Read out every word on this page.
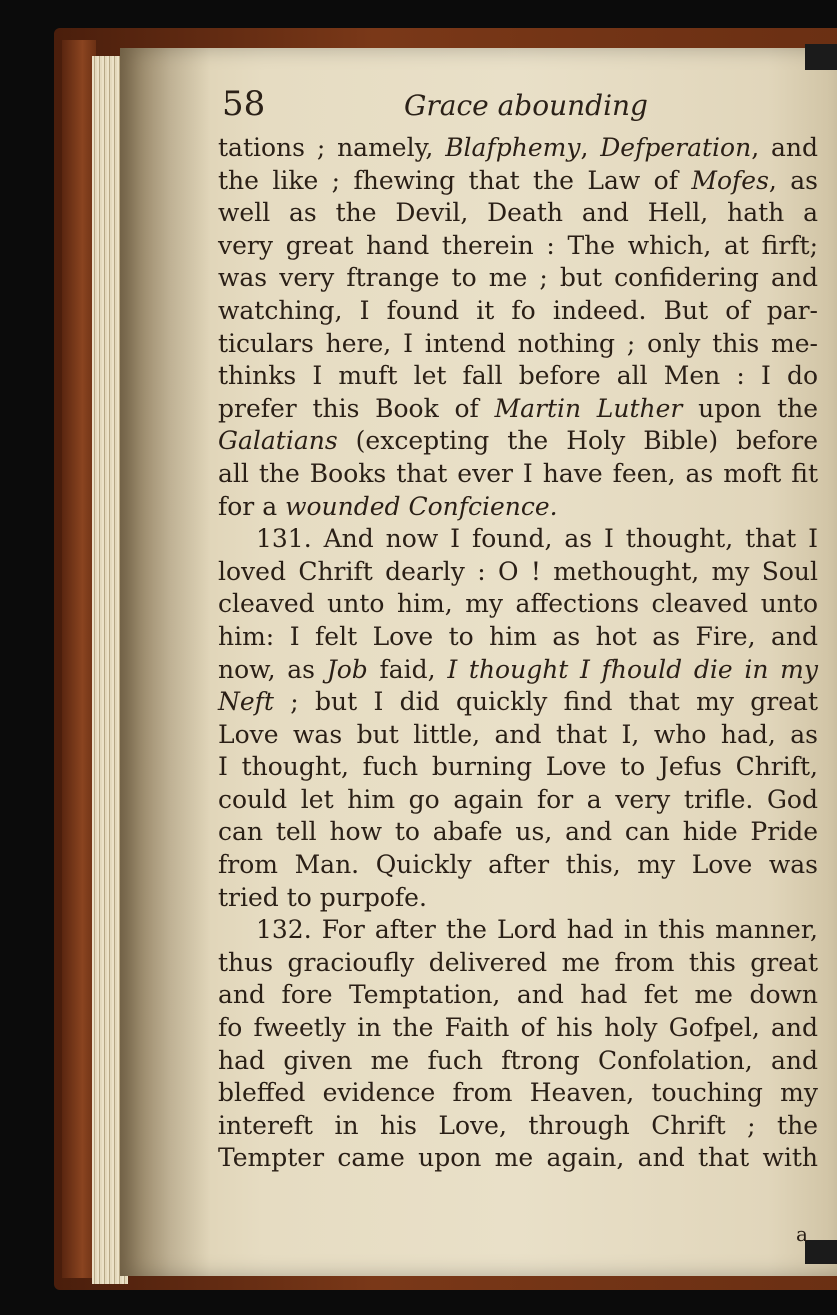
58	Grace abounding
tations ; namely, Blafphemy, Defperation, and
the like ; fhewing that the Law of Mofes, as
well as the Devil, Death and Hell, hath a
very great hand therein : The which, at firft;
was very ftrange to me ; but confidering and
watching, I found it fo indeed. But of par-
ticulars here, I intend nothing ; only this me-
thinks I muft let fall before all Men : I do
prefer this Book of Martin Luther upon the
Galatians (excepting the Holy Bible) before
all the Books that ever I have feen, as moft fit
for a wounded Confcience.
131. And now I found, as I thought, that I
loved Chrift dearly : O ! methought, my Soul
cleaved unto him, my affections cleaved unto
him: I felt Love to him as hot as Fire, and
now, as Job faid, I thought I fhould die in my
Neft ; but I did quickly find that my great
Love was but little, and that I, who had, as
I thought, fuch burning Love to Jefus Chrift,
could let him go again for a very trifle. God
can tell how to abafe us, and can hide Pride
from Man. Quickly after this, my Love was
tried to purpofe.
132. For after the Lord had in this manner,
thus gracioufly delivered me from this great
and fore Temptation, and had fet me down
fo fweetly in the Faith of his holy Gofpel, and
had given me fuch ftrong Confolation, and
bleffed evidence from Heaven, touching my
intereft in his Love, through Chrift ; the
Tempter came upon me again, and that with
a
